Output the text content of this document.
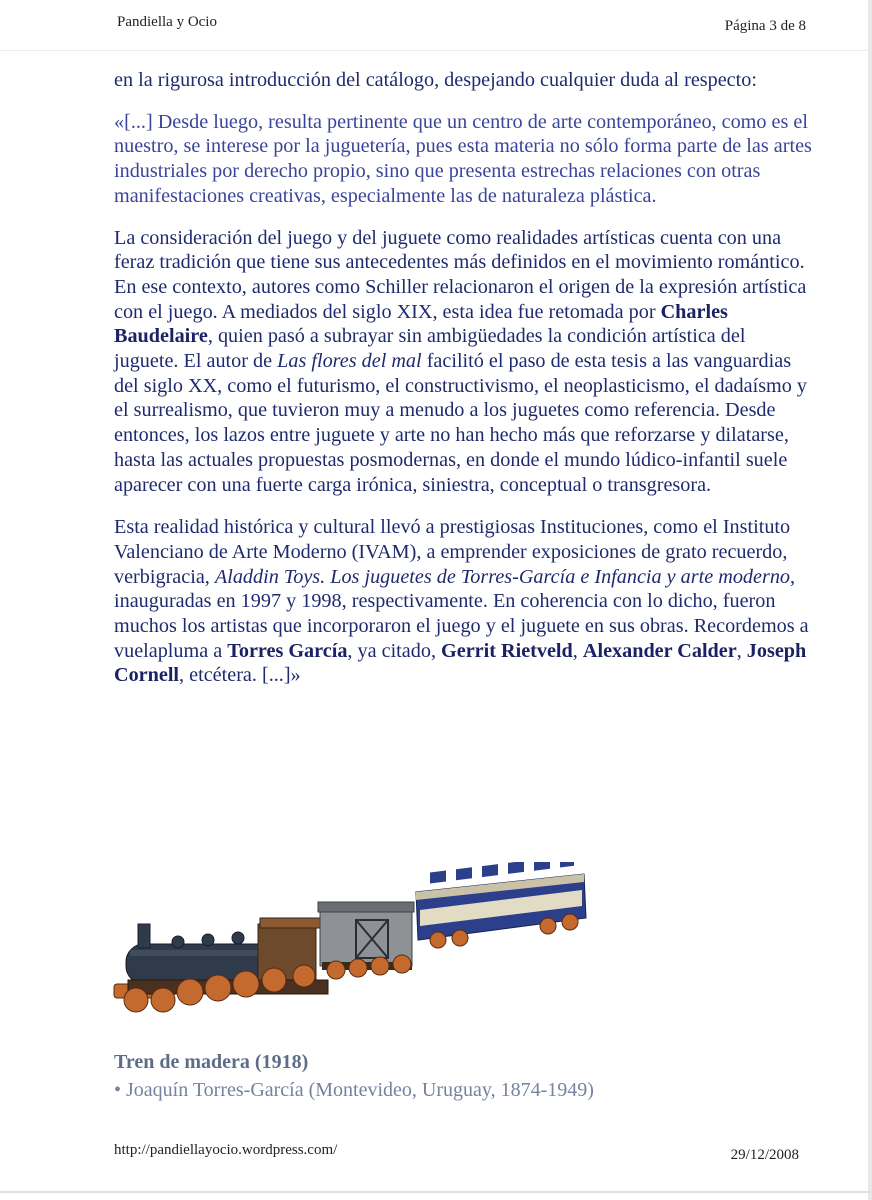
Pandiella y Ocio	Página 3 de 8

en la rigurosa introducción del catálogo, despejando cualquier duda al respecto:

«[...] Desde luego, resulta pertinente que un centro de arte contemporáneo, como es el nuestro, se interese por la juguetería, pues esta materia no sólo forma parte de las artes industriales por derecho propio, sino que presenta estrechas relaciones con otras manifestaciones creativas, especialmente las de naturaleza plástica.

La consideración del juego y del juguete como realidades artísticas cuenta con una feraz tradición que tiene sus antecedentes más definidos en el movimiento romántico. En ese contexto, autores como Schiller relacionaron el origen de la expresión artística con el juego. A mediados del siglo XIX, esta idea fue retomada por Charles Baudelaire, quien pasó a subrayar sin ambigüedades la condición artística del juguete. El autor de Las flores del mal facilitó el paso de esta tesis a las vanguardias del siglo XX, como el futurismo, el constructivismo, el neoplasticismo, el dadaísmo y el surrealismo, que tuvieron muy a menudo a los juguetes como referencia. Desde entonces, los lazos entre juguete y arte no han hecho más que reforzarse y dilatarse, hasta las actuales propuestas posmodernas, en donde el mundo lúdico-infantil suele aparecer con una fuerte carga irónica, siniestra, conceptual o transgresora.

Esta realidad histórica y cultural llevó a prestigiosas Instituciones, como el Instituto Valenciano de Arte Moderno (IVAM), a emprender exposiciones de grato recuerdo, verbigracia, Aladdin Toys. Los juguetes de Torres-García e Infancia y arte moderno, inauguradas en 1997 y 1998, respectivamente. En coherencia con lo dicho, fueron muchos los artistas que incorporaron el juego y el juguete en sus obras. Recordemos a vuelapluma a Torres García, ya citado, Gerrit Rietveld, Alexander Calder, Joseph Cornell, etcétera. [...]»

Tren de madera (1918)
• Joaquín Torres-García (Montevideo, Uruguay, 1874-1949)
http://pandiellayocio.wordpress.com/	29/12/2008
